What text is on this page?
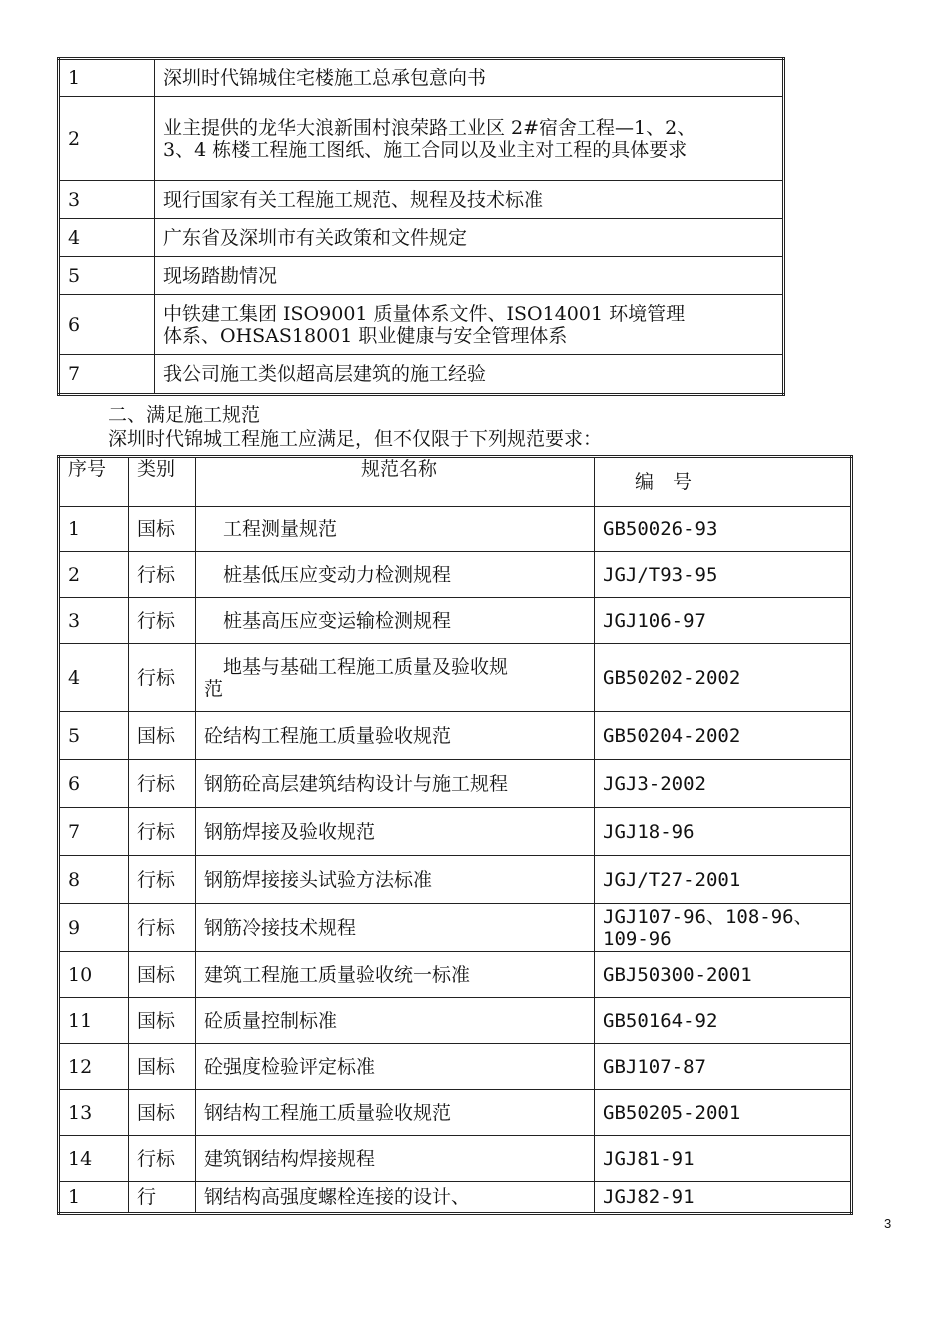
1	深圳时代锦城住宅楼施工总承包意向书
2	业主提供的龙华大浪新围村浪荣路工业区 2#宿舍工程—1、2、3、4 栋楼工程施工图纸、施工合同以及业主对工程的具体要求
3	现行国家有关工程施工规范、规程及技术标准
4	广东省及深圳市有关政策和文件规定
5	现场踏勘情况
6	中铁建工集团 ISO9001 质量体系文件、ISO14001 环境管理体系、OHSAS18001 职业健康与安全管理体系
7	我公司施工类似超高层建筑的施工经验
二、满足施工规范
深圳时代锦城工程施工应满足，但不仅限于下列规范要求：
序号	类别	规范名称	编　号
1	国标	　工程测量规范	GB50026-93
2	行标	　桩基低压应变动力检测规程	JGJ/T93-95
3	行标	　桩基高压应变运输检测规程	JGJ106-97
4	行标	　地基与基础工程施工质量及验收规范	GB50202-2002
5	国标	砼结构工程施工质量验收规范	GB50204-2002
6	行标	钢筋砼高层建筑结构设计与施工规程	JGJ3-2002
7	行标	钢筋焊接及验收规范	JGJ18-96
8	行标	钢筋焊接接头试验方法标准	JGJ/T27-2001
9	行标	钢筋冷接技术规程	JGJ107-96、108-96、109-96
10	国标	建筑工程施工质量验收统一标准	GBJ50300-2001
11	国标	砼质量控制标准	GB50164-92
12	国标	砼强度检验评定标准	GBJ107-87
13	国标	钢结构工程施工质量验收规范	GB50205-2001
14	行标	建筑钢结构焊接规程	JGJ81-91
1	行	钢结构高强度螺栓连接的设计、	JGJ82-91
3
